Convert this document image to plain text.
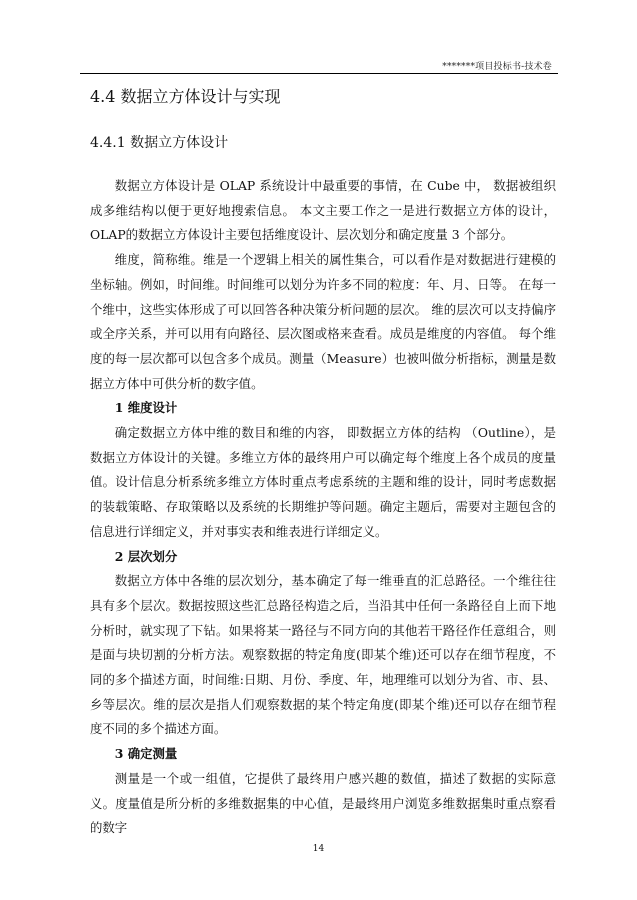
*******项目投标书-技术卷
4.4 数据立方体设计与实现
4.4.1 数据立方体设计

数据立方体设计是 OLAP 系统设计中最重要的事情，在 Cube 中， 数据被组织成多维结构以便于更好地搜索信息。 本文主要工作之一是进行数据立方体的设计，OLAP的数据立方体设计主要包括维度设计、层次划分和确定度量 3 个部分。

维度，简称维。维是一个逻辑上相关的属性集合，可以看作是对数据进行建模的坐标轴。例如，时间维。时间维可以划分为许多不同的粒度：年、月、日等。 在每一个维中，这些实体形成了可以回答各种决策分析问题的层次。 维的层次可以支持偏序或全序关系，并可以用有向路径、层次图或格来查看。成员是维度的内容值。 每个维度的每一层次都可以包含多个成员。测量（Measure）也被叫做分析指标，测量是数据立方体中可供分析的数字值。

1 维度设计

确定数据立方体中维的数目和维的内容， 即数据立方体的结构 （Outline），是数据立方体设计的关键。多维立方体的最终用户可以确定每个维度上各个成员的度量值。设计信息分析系统多维立方体时重点考虑系统的主题和维的设计，同时考虑数据的装载策略、存取策略以及系统的长期维护等问题。确定主题后，需要对主题包含的信息进行详细定义，并对事实表和维表进行详细定义。

2 层次划分

数据立方体中各维的层次划分，基本确定了每一维垂直的汇总路径。一个维往往具有多个层次。数据按照这些汇总路径构造之后，当沿其中任何一条路径自上而下地分析时，就实现了下钻。如果将某一路径与不同方向的其他若干路径作任意组合，则是面与块切割的分析方法。观察数据的特定角度(即某个维)还可以存在细节程度，不同的多个描述方面，时间维:日期、月份、季度、年，地理维可以划分为省、市、县、乡等层次。维的层次是指人们观察数据的某个特定角度(即某个维)还可以存在细节程度不同的多个描述方面。

3 确定测量

测量是一个或一组值，它提供了最终用户感兴趣的数值，描述了数据的实际意义。度量值是所分析的多维数据集的中心值，是最终用户浏览多维数据集时重点察看的数字

14
